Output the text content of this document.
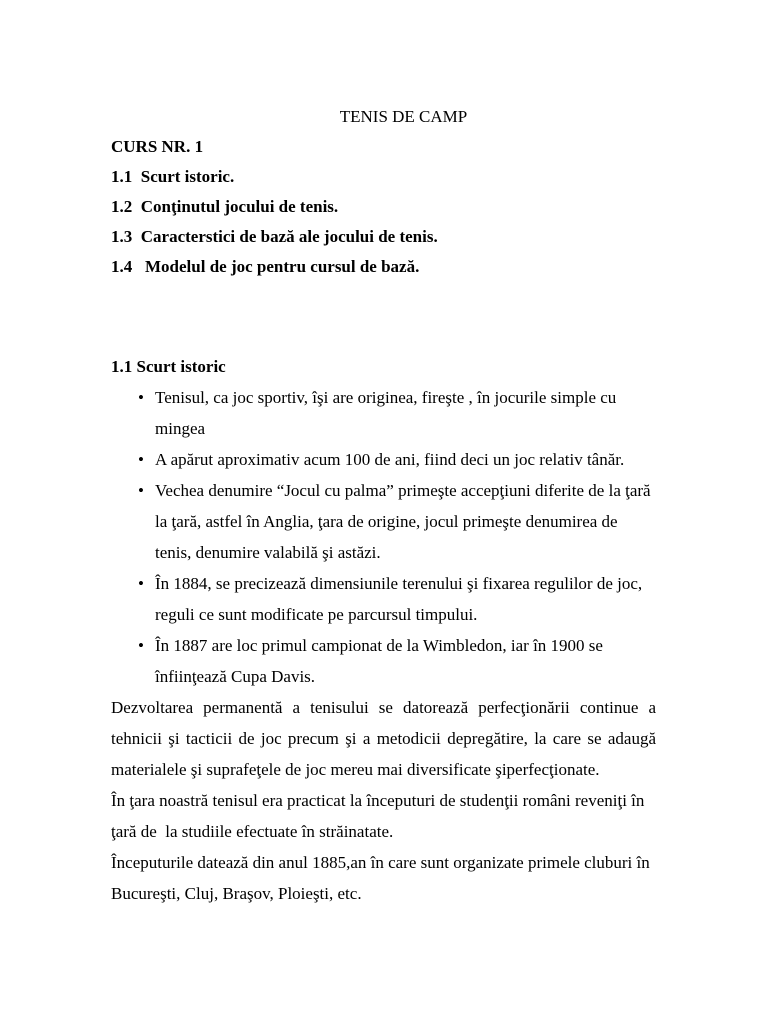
TENIS DE CAMP
CURS NR. 1
1.1  Scurt istoric.
1.2  Conţinutul jocului de tenis.
1.3  Caracterstici de bază ale jocului de tenis.
1.4   Modelul de joc pentru cursul de bază.
1.1 Scurt istoric
• Tenisul, ca joc sportiv, îşi are originea, fireşte , în jocurile simple cu mingea
• A apărut aproximativ acum 100 de ani, fiind deci un joc relativ tânăr.
• Vechea denumire “Jocul cu palma” primeşte accepţiuni diferite de la ţară la ţară, astfel în Anglia, ţara de origine, jocul primeşte denumirea de tenis, denumire valabilă şi astăzi.
• În 1884, se precizează dimensiunile terenului şi fixarea regulilor de joc, reguli ce sunt modificate pe parcursul timpului.
• În 1887 are loc primul campionat de la Wimbledon, iar în 1900 se înfiinţează Cupa Davis.

Dezvoltarea permanentă a tenisului se datorează perfecţionării continue a tehnicii şi tacticii de joc precum şi a metodicii depregătire, la care se adaugă materialele şi suprafeţele de joc mereu mai diversificate şiperfecţionate.

În ţara noastră tenisul era practicat la începuturi de studenţii români reveniţi în ţară de  la studiile efectuate în străinatate.

Începuturile datează din anul 1885,an în care sunt organizate primele cluburi în Bucureşti, Cluj, Braşov, Ploieşti, etc.
